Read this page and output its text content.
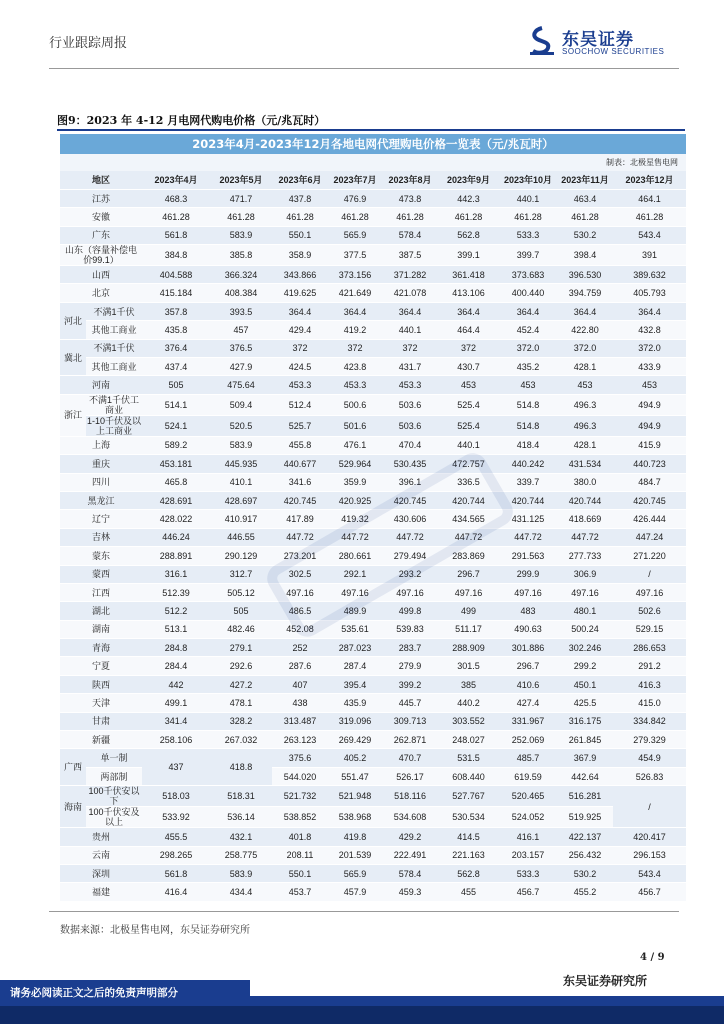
行业跟踪周报	东吴证券
SOOCHOW SECURITIES
图9：2023 年 4-12 月电网代购电价格（元/兆瓦时）
2023年4月-2023年12月各地电网代理购电价格一览表（元/兆瓦时）
制表：北极星售电网
地区		2023年4月	2023年5月	2023年6月	2023年7月	2023年8月	2023年9月	2023年10月	2023年11月	2023年12月
江苏		468.3	471.7	437.8	476.9	473.8	442.3	440.1	463.4	464.1
安徽		461.28	461.28	461.28	461.28	461.28	461.28	461.28	461.28	461.28
广东		561.8	583.9	550.1	565.9	578.4	562.8	533.3	530.2	543.4
山东（容量补偿电价99.1）		384.8	385.8	358.9	377.5	387.5	399.1	399.7	398.4	391
山西		404.588	366.324	343.866	373.156	371.282	361.418	373.683	396.530	389.632
北京		415.184	408.384	419.625	421.649	421.078	413.106	400.440	394.759	405.793
河北	不满1千伏	357.8	393.5	364.4	364.4	364.4	364.4	364.4	364.4	364.4
	其他工商业	435.8	457	429.4	419.2	440.1	464.4	452.4	422.80	432.8
冀北	不满1千伏	376.4	376.5	372	372	372	372	372.0	372.0	372.0
	其他工商业	437.4	427.9	424.5	423.8	431.7	430.7	435.2	428.1	433.9
河南		505	475.64	453.3	453.3	453.3	453	453	453	453
浙江	不满1千伏工商业	514.1	509.4	512.4	500.6	503.6	525.4	514.8	496.3	494.9
	1-10千伏及以上工商业	524.1	520.5	525.7	501.6	503.6	525.4	514.8	496.3	494.9
上海		589.2	583.9	455.8	476.1	470.4	440.1	418.4	428.1	415.9
重庆		453.181	445.935	440.677	529.964	530.435	472.757	440.242	431.534	440.723
四川		465.8	410.1	341.6	359.9	396.1	336.5	339.7	380.0	484.7
黑龙江		428.691	428.697	420.745	420.925	420.745	420.744	420.744	420.744	420.745
辽宁		428.022	410.917	417.89	419.32	430.606	434.565	431.125	418.669	426.444
吉林		446.24	446.55	447.72	447.72	447.72	447.72	447.72	447.72	447.24
蒙东		288.891	290.129	273.201	280.661	279.494	283.869	291.563	277.733	271.220
蒙西		316.1	312.7	302.5	292.1	293.2	296.7	299.9	306.9	/
江西		512.39	505.12	497.16	497.16	497.16	497.16	497.16	497.16	497.16
湖北		512.2	505	486.5	489.9	499.8	499	483	480.1	502.6
湖南		513.1	482.46	452.08	535.61	539.83	511.17	490.63	500.24	529.15
青海		284.8	279.1	252	287.023	283.7	288.909	301.886	302.246	286.653
宁夏		284.4	292.6	287.6	287.4	279.9	301.5	296.7	299.2	291.2
陕西		442	427.2	407	395.4	399.2	385	410.6	450.1	416.3
天津		499.1	478.1	438	435.9	445.7	440.2	427.4	425.5	415.0
甘肃		341.4	328.2	313.487	319.096	309.713	303.552	331.967	316.175	334.842
新疆		258.106	267.032	263.123	269.429	262.871	248.027	252.069	261.845	279.329
广西	单一制	437	418.8	375.6	405.2	470.7	531.5	485.7	367.9	454.9
	两部制			544.020	551.47	526.17	608.440	619.59	442.64	526.83
海南	100千伏安以下	518.03	518.31	521.732	521.948	518.116	527.767	520.465	516.281	/
	100千伏安及以上	533.92	536.14	538.852	538.968	534.608	530.534	524.052	519.925	
贵州		455.5	432.1	401.8	419.8	429.2	414.5	416.1	422.137	420.417
云南		298.265	258.775	208.11	201.539	222.491	221.163	203.157	256.432	296.153
深圳		561.8	583.9	550.1	565.9	578.4	562.8	533.3	530.2	543.4
福建		416.4	434.4	453.7	457.9	459.3	455	456.7	455.2	456.7
数据来源：北极星售电网，东吴证券研究所
4 / 9
东吴证券研究所
请务必阅读正文之后的免责声明部分
